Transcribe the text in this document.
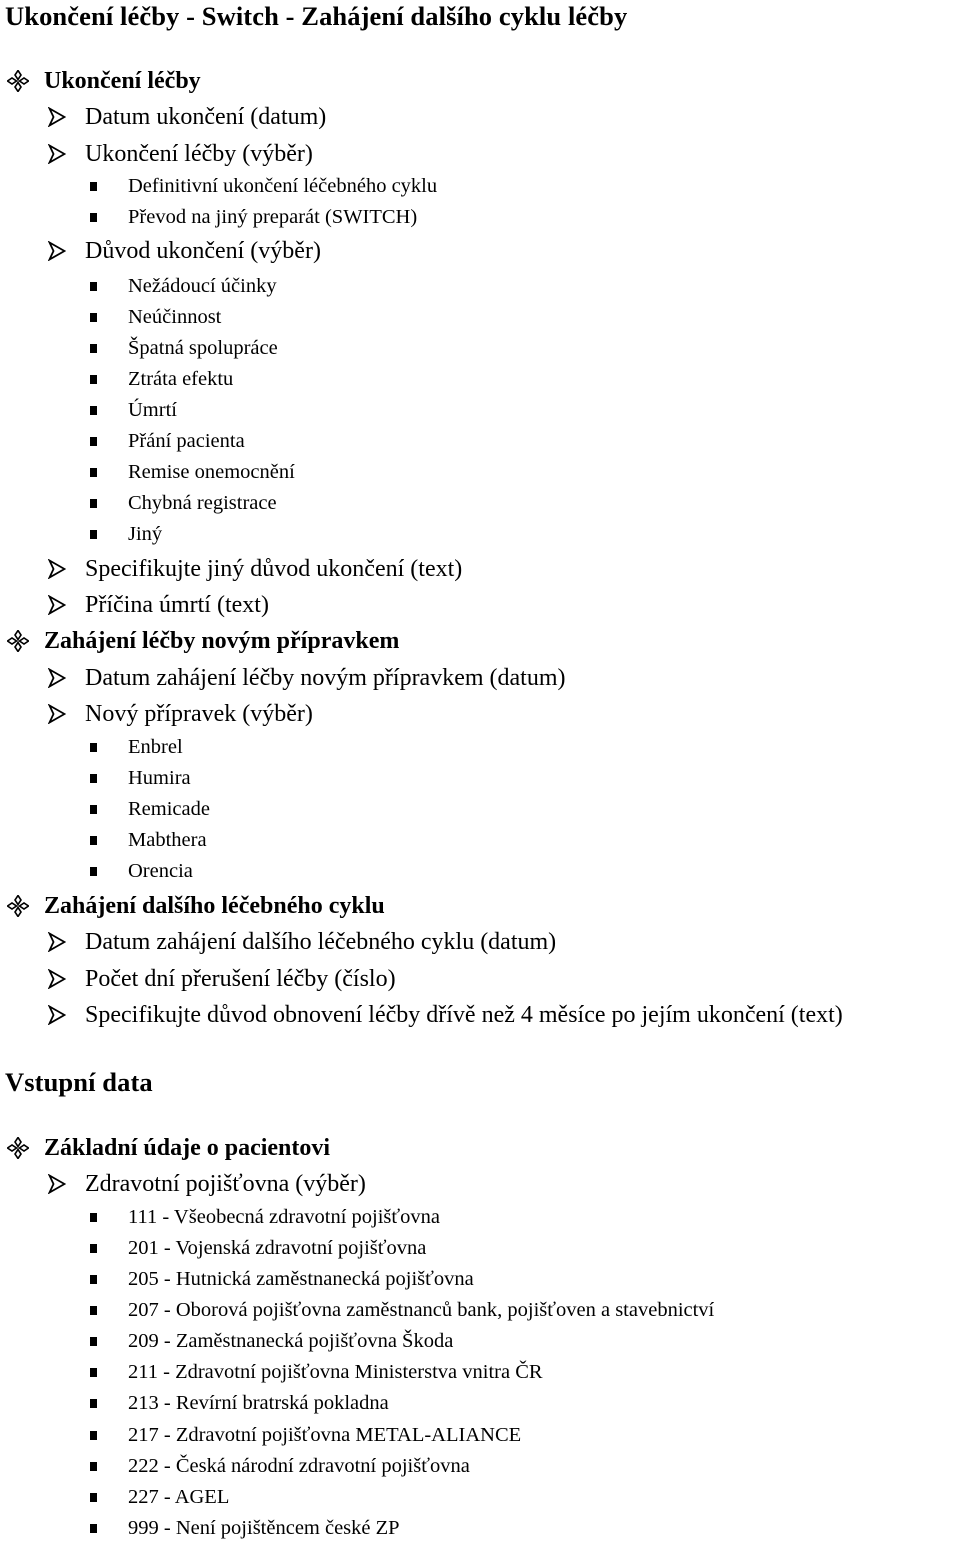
Ukončení léčby - Switch - Zahájení dalšího cyklu léčby
Ukončení léčby
Datum ukončení (datum)
Ukončení léčby (výběr)
Definitivní ukončení léčebného cyklu
Převod na jiný preparát (SWITCH)
Důvod ukončení (výběr)
Nežádoucí účinky
Neúčinnost
Špatná spolupráce
Ztráta efektu
Úmrtí
Přání pacienta
Remise onemocnění
Chybná registrace
Jiný
Specifikujte jiný důvod ukončení (text)
Příčina úmrtí (text)
Zahájení léčby novým přípravkem
Datum zahájení léčby novým přípravkem (datum)
Nový přípravek (výběr)
Enbrel
Humira
Remicade
Mabthera
Orencia
Zahájení dalšího léčebného cyklu
Datum zahájení dalšího léčebného cyklu (datum)
Počet dní přerušení léčby (číslo)
Specifikujte důvod obnovení léčby dřívě než 4 měsíce po jejím ukončení (text)
Vstupní data
Základní údaje o pacientovi
Zdravotní pojišťovna (výběr)
111 - Všeobecná zdravotní pojišťovna
201 - Vojenská zdravotní pojišťovna
205 - Hutnická zaměstnanecká pojišťovna
207 - Oborová pojišťovna zaměstnanců bank, pojišťoven a stavebnictví
209 - Zaměstnanecká pojišťovna Škoda
211 - Zdravotní pojišťovna Ministerstva vnitra ČR
213 - Revírní bratrská pokladna
217 - Zdravotní pojišťovna METAL-ALIANCE
222 - Česká národní zdravotní pojišťovna
227 - AGEL
999 - Není pojištěncem české ZP
